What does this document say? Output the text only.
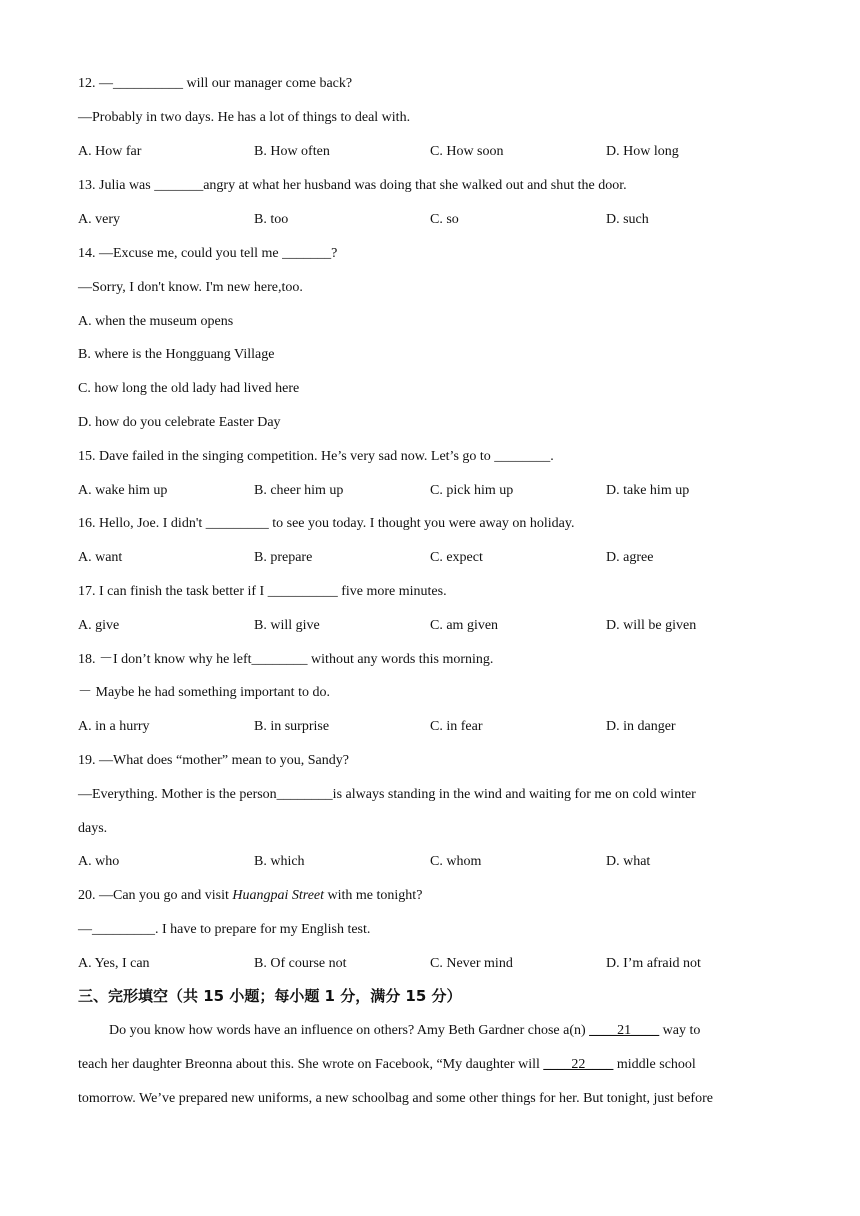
12. —__________ will our manager come back?
—Probably in two days. He has a lot of things to deal with.
A. How far	B. How often	C. How soon	D. How long
13. Julia was _______angry at what her husband was doing that she walked out and shut the door.
A. very	B. too	C. so	D. such
14. —Excuse me, could you tell me _______?
—Sorry, I don't know. I'm new here,too.
A. when the museum opens
B. where is the Hongguang Village
C. how long the old lady had lived here
D. how do you celebrate Easter Day
15. Dave failed in the singing competition. He’s very sad now. Let’s go to ________.
A. wake him up	B. cheer him up	C. pick him up	D. take him up
16. Hello, Joe. I didn't _________ to see you today. I thought you were away on holiday.
A. want	B. prepare	C. expect	D. agree
17. I can finish the task better if I __________ five more minutes.
A. give	B. will give	C. am given	D. will be given
18. －I don’t know why he left________ without any words this morning.
－ Maybe he had something important to do.
A. in a hurry	B. in surprise	C. in fear	D. in danger
19. —What does “mother” mean to you, Sandy?
—Everything. Mother is the person________is always standing in the wind and waiting for me on cold winter
days.
A. who	B. which	C. whom	D. what
20. —Can you go and visit Huangpai Street with me tonight?
—_________. I have to prepare for my English test.
A. Yes, I can	B. Of course not	C. Never mind	D. I’m afraid not
三、完形填空（共 15 小题；每小题 1 分，满分 15 分）
Do you know how words have an influence on others? Amy Beth Gardner chose a(n) ____21____ way to
teach her daughter Breonna about this. She wrote on Facebook, “My daughter will ____22____ middle school
tomorrow. We’ve prepared new uniforms, a new schoolbag and some other things for her. But tonight, just before
